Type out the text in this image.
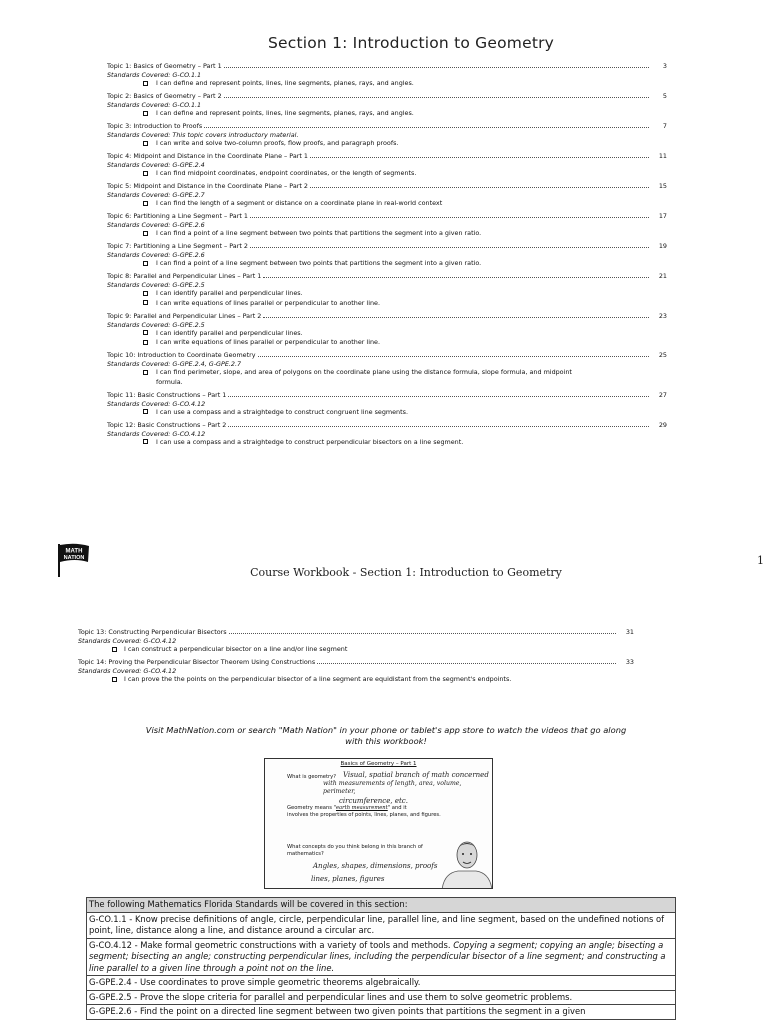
Section 1: Introduction to Geometry
Topic 1: Basics of Geometry – Part 1	3
Standards Covered: G-CO.1.1
I can define and represent points, lines, line segments, planes, rays, and angles.
Topic 2: Basics of Geometry – Part 2	5
Standards Covered: G-CO.1.1
I can define and represent points, lines, line segments, planes, rays, and angles.
Topic 3: Introduction to Proofs	7
Standards Covered: This topic covers introductory material.
I can write and solve two-column proofs, flow proofs, and paragraph proofs.
Topic 4: Midpoint and Distance in the Coordinate Plane – Part 1	11
Standards Covered: G-GPE.2.4
I can find midpoint coordinates, endpoint coordinates, or the length of segments.
Topic 5: Midpoint and Distance in the Coordinate Plane – Part 2	15
Standards Covered: G-GPE.2.7
I can find the length of a segment or distance on a coordinate plane in real-world context
Topic 6: Partitioning a Line Segment – Part 1	17
Standards Covered: G-GPE.2.6
I can find a point of a line segment between two points that partitions the segment into a given ratio.
Topic 7: Partitioning a Line Segment – Part 2	19
Standards Covered: G-GPE.2.6
I can find a point of a line segment between two points that partitions the segment into a given ratio.
Topic 8: Parallel and Perpendicular Lines – Part 1	21
Standards Covered: G-GPE.2.5
I can identify parallel and perpendicular lines.
I can write equations of lines parallel or perpendicular to another line.
Topic 9: Parallel and Perpendicular Lines – Part 2	23
Standards Covered: G-GPE.2.5
I can identify parallel and perpendicular lines.
I can write equations of lines parallel or perpendicular to another line.
Topic 10: Introduction to Coordinate Geometry	25
Standards Covered: G-GPE.2.4, G-GPE.2.7
I can find perimeter, slope, and area of polygons on the coordinate plane using the distance formula, slope formula, and midpoint
formula.
Topic 11: Basic Constructions – Part 1	27
Standards Covered: G-CO.4.12
I can use a compass and a straightedge to construct congruent line segments.
Topic 12: Basic Constructions – Part 2	29
Standards Covered: G-CO.4.12
I can use a compass and a straightedge to construct perpendicular bisectors on a line segment.
MATH
NATION	1
Course Workbook - Section 1: Introduction to Geometry
Topic 13: Constructing Perpendicular Bisectors	31
Standards Covered: G-CO.4.12
I can construct a perpendicular bisector on a line and/or line segment
Topic 14: Proving the Perpendicular Bisector Theorem Using Constructions	33
Standards Covered: G-CO.4.12
I can prove the the points on the perpendicular bisector of a line segment are equidistant from the segment's endpoints.
Visit MathNation.com or search "Math Nation" in your phone or tablet's app store to watch the videos that go along with this workbook!
Basics of Geometry – Part 1
What is geometry? Visual, spatial branch of math concerned
with measurements of length, area, volume, perimeter,
circumference, etc.
Geometry means "earth measurement" and it
involves the properties of points, lines, planes, and figures.
What concepts do you think belong in this branch of
mathematics?
Angles, shapes, dimensions, proofs
lines, planes, figures
The following Mathematics Florida Standards will be covered in this section:
G-CO.1.1 - Know precise definitions of angle, circle, perpendicular line, parallel line, and line segment, based on the undefined notions of point, line, distance along a line, and distance around a circular arc.
G-CO.4.12 - Make formal geometric constructions with a variety of tools and methods. Copying a segment; copying an angle; bisecting a segment; bisecting an angle; constructing perpendicular lines, including the perpendicular bisector of a line segment; and constructing a line parallel to a given line through a point not on the line.
G-GPE.2.4 - Use coordinates to prove simple geometric theorems algebraically.
G-GPE.2.5 - Prove the slope criteria for parallel and perpendicular lines and use them to solve geometric problems.
G-GPE.2.6 - Find the point on a directed line segment between two given points that partitions the segment in a given
